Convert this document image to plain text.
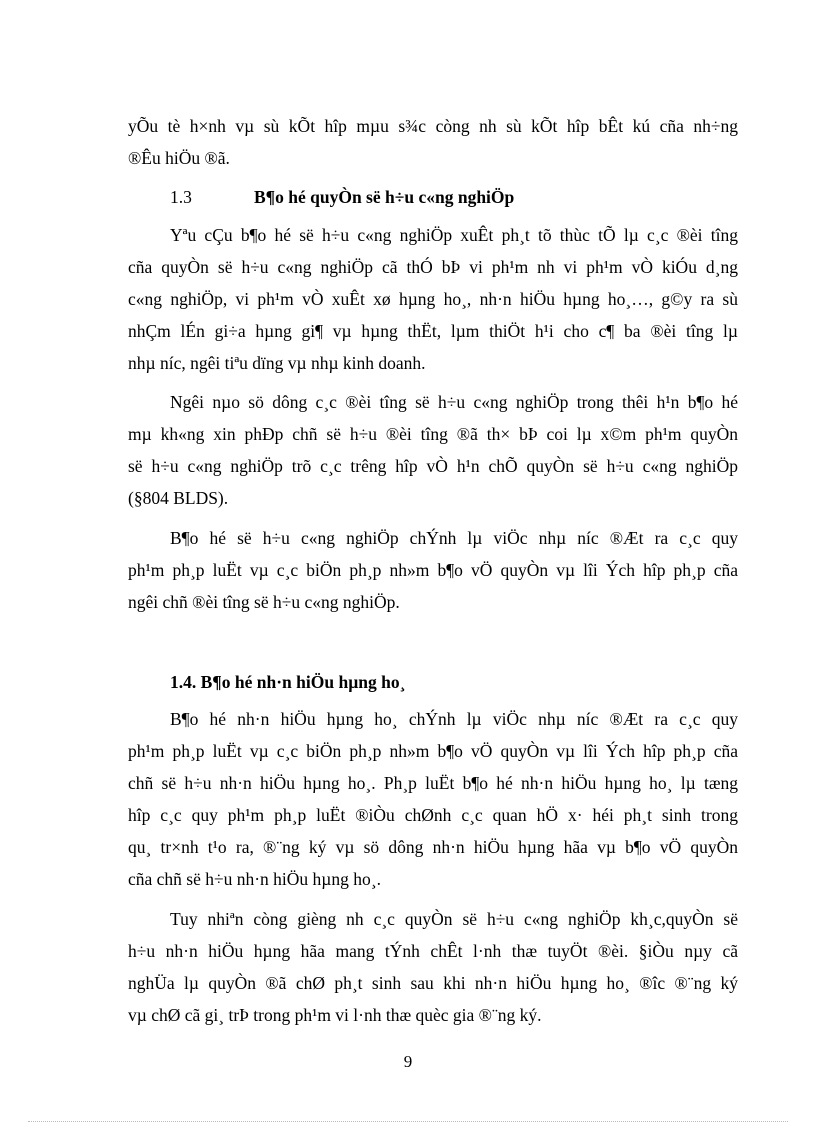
yÕu tè h×nh vµ sù kÕt hîp mµu s¾c còng nh sù kÕt hîp bÊt kú cña nh÷ng
®Êu hiÖu ®ã.
1.3	B¶o hé quyÒn së h÷u c«ng nghiÖp
Yªu cÇu b¶o hé së h÷u c«ng nghiÖp xuÊt ph¸t tõ thùc tÕ lµ c¸c ®èi tîng
cña quyÒn së h÷u c«ng nghiÖp cã thÓ bÞ vi ph¹m nh vi ph¹m vÒ kiÓu d¸ng
c«ng nghiÖp, vi ph¹m vÒ xuÊt xø hµng ho¸, nh·n hiÖu hµng ho¸…, g©y ra sù
nhÇm lÉn gi÷a hµng gi¶ vµ hµng thËt, lµm thiÖt h¹i cho c¶ ba ®èi tîng lµ
nhµ níc, ngêi tiªu dïng vµ nhµ kinh doanh.
Ngêi nµo sö dông c¸c ®èi tîng së h÷u c«ng nghiÖp trong thêi h¹n b¶o hé
mµ kh«ng xin phÐp chñ së h÷u ®èi tîng ®ã th× bÞ coi lµ x©m ph¹m quyÒn
së h÷u c«ng nghiÖp trõ c¸c trêng hîp vÒ h¹n chÕ quyÒn së h÷u c«ng nghiÖp
(§804 BLDS).
B¶o hé së h÷u c«ng nghiÖp chÝnh lµ viÖc nhµ níc ®Æt ra c¸c quy
ph¹m ph¸p luËt vµ c¸c biÖn ph¸p nh»m b¶o vÖ quyÒn vµ lîi Ých hîp ph¸p cña
ngêi chñ ®èi tîng së h÷u c«ng nghiÖp.
1.4. B¶o hé nh·n hiÖu hµng ho¸
B¶o hé nh·n hiÖu hµng ho¸ chÝnh lµ viÖc nhµ níc ®Æt ra c¸c quy
ph¹m ph¸p luËt vµ c¸c biÖn ph¸p nh»m b¶o vÖ quyÒn vµ lîi Ých hîp ph¸p cña
chñ së h÷u nh·n hiÖu hµng ho¸. Ph¸p luËt b¶o hé nh·n hiÖu hµng ho¸ lµ tæng
hîp c¸c quy ph¹m ph¸p luËt ®iÒu chØnh c¸c quan hÖ x· héi ph¸t sinh trong
qu¸ tr×nh t¹o ra, ®¨ng ký vµ sö dông nh·n hiÖu hµng hãa vµ b¶o vÖ quyÒn
cña chñ së h÷u nh·n hiÖu hµng ho¸.
Tuy nhiªn còng gièng nh c¸c quyÒn së h÷u c«ng nghiÖp kh¸c,quyÒn së
h÷u nh·n hiÖu hµng hãa mang tÝnh chÊt l·nh thæ tuyÖt ®èi. §iÒu nµy cã
nghÜa lµ quyÒn ®ã chØ ph¸t sinh sau khi nh·n hiÖu hµng ho¸ ®îc ®¨ng ký
vµ chØ cã gi¸ trÞ trong ph¹m vi l·nh thæ quèc gia ®¨ng ký.
9
